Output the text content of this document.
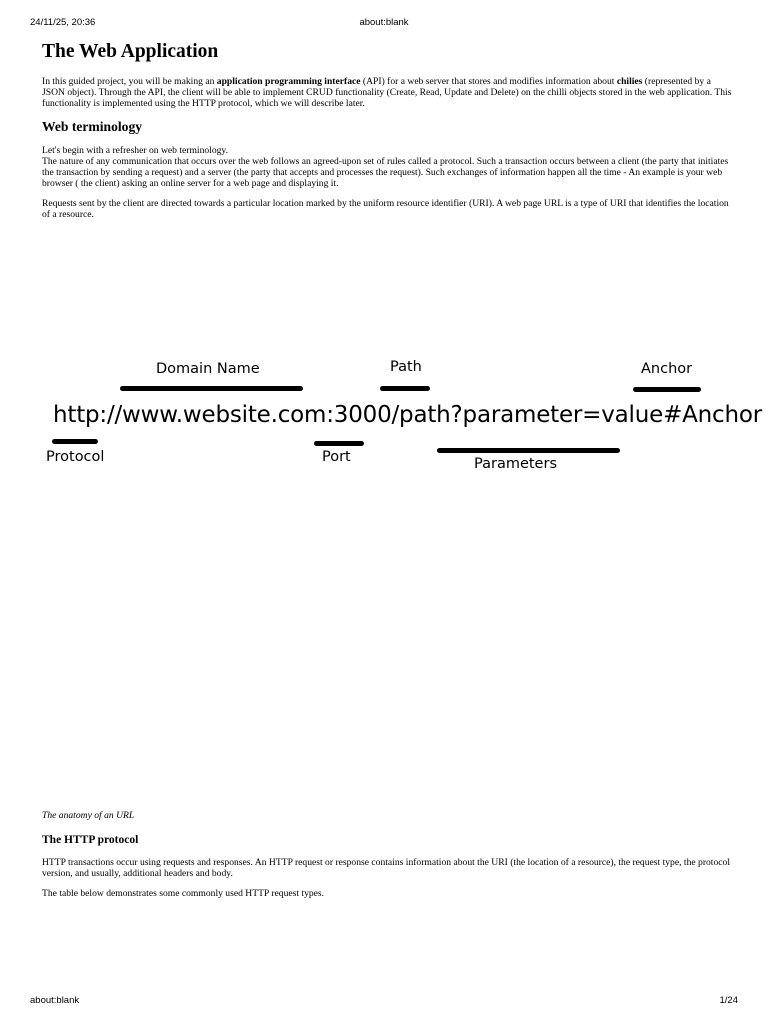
24/11/25, 20:36	about:blank
The Web Application

In this guided project, you will be making an application programming interface (API) for a web server that stores and modifies information about chilies (represented by a JSON object). Through the API, the client will be able to implement CRUD functionality (Create, Read, Update and Delete) on the chilli objects stored in the web application. This functionality is implemented using the HTTP protocol, which we will describe later.

Web terminology

Let's begin with a refresher on web terminology.
The nature of any communication that occurs over the web follows an agreed-upon set of rules called a protocol. Such a transaction occurs between a client (the party that initiates the transaction by sending a request) and a server (the party that accepts and processes the request). Such exchanges of information happen all the time - An example is your web browser ( the client) asking an online server for a web page and displaying it.

Requests sent by the client are directed towards a particular location marked by the uniform resource identifier (URI). A web page URL is a type of URI that identifies the location of a resource.

Domain Name	Path	Anchor
http://www.website.com:3000/path?parameter=value#Anchor
Protocol	Port	Parameters
The anatomy of an URL
The HTTP protocol

HTTP transactions occur using requests and responses. An HTTP request or response contains information about the URI (the location of a resource), the request type, the protocol version, and usually, additional headers and body.

The table below demonstrates some commonly used HTTP request types.

about:blank	1/24
